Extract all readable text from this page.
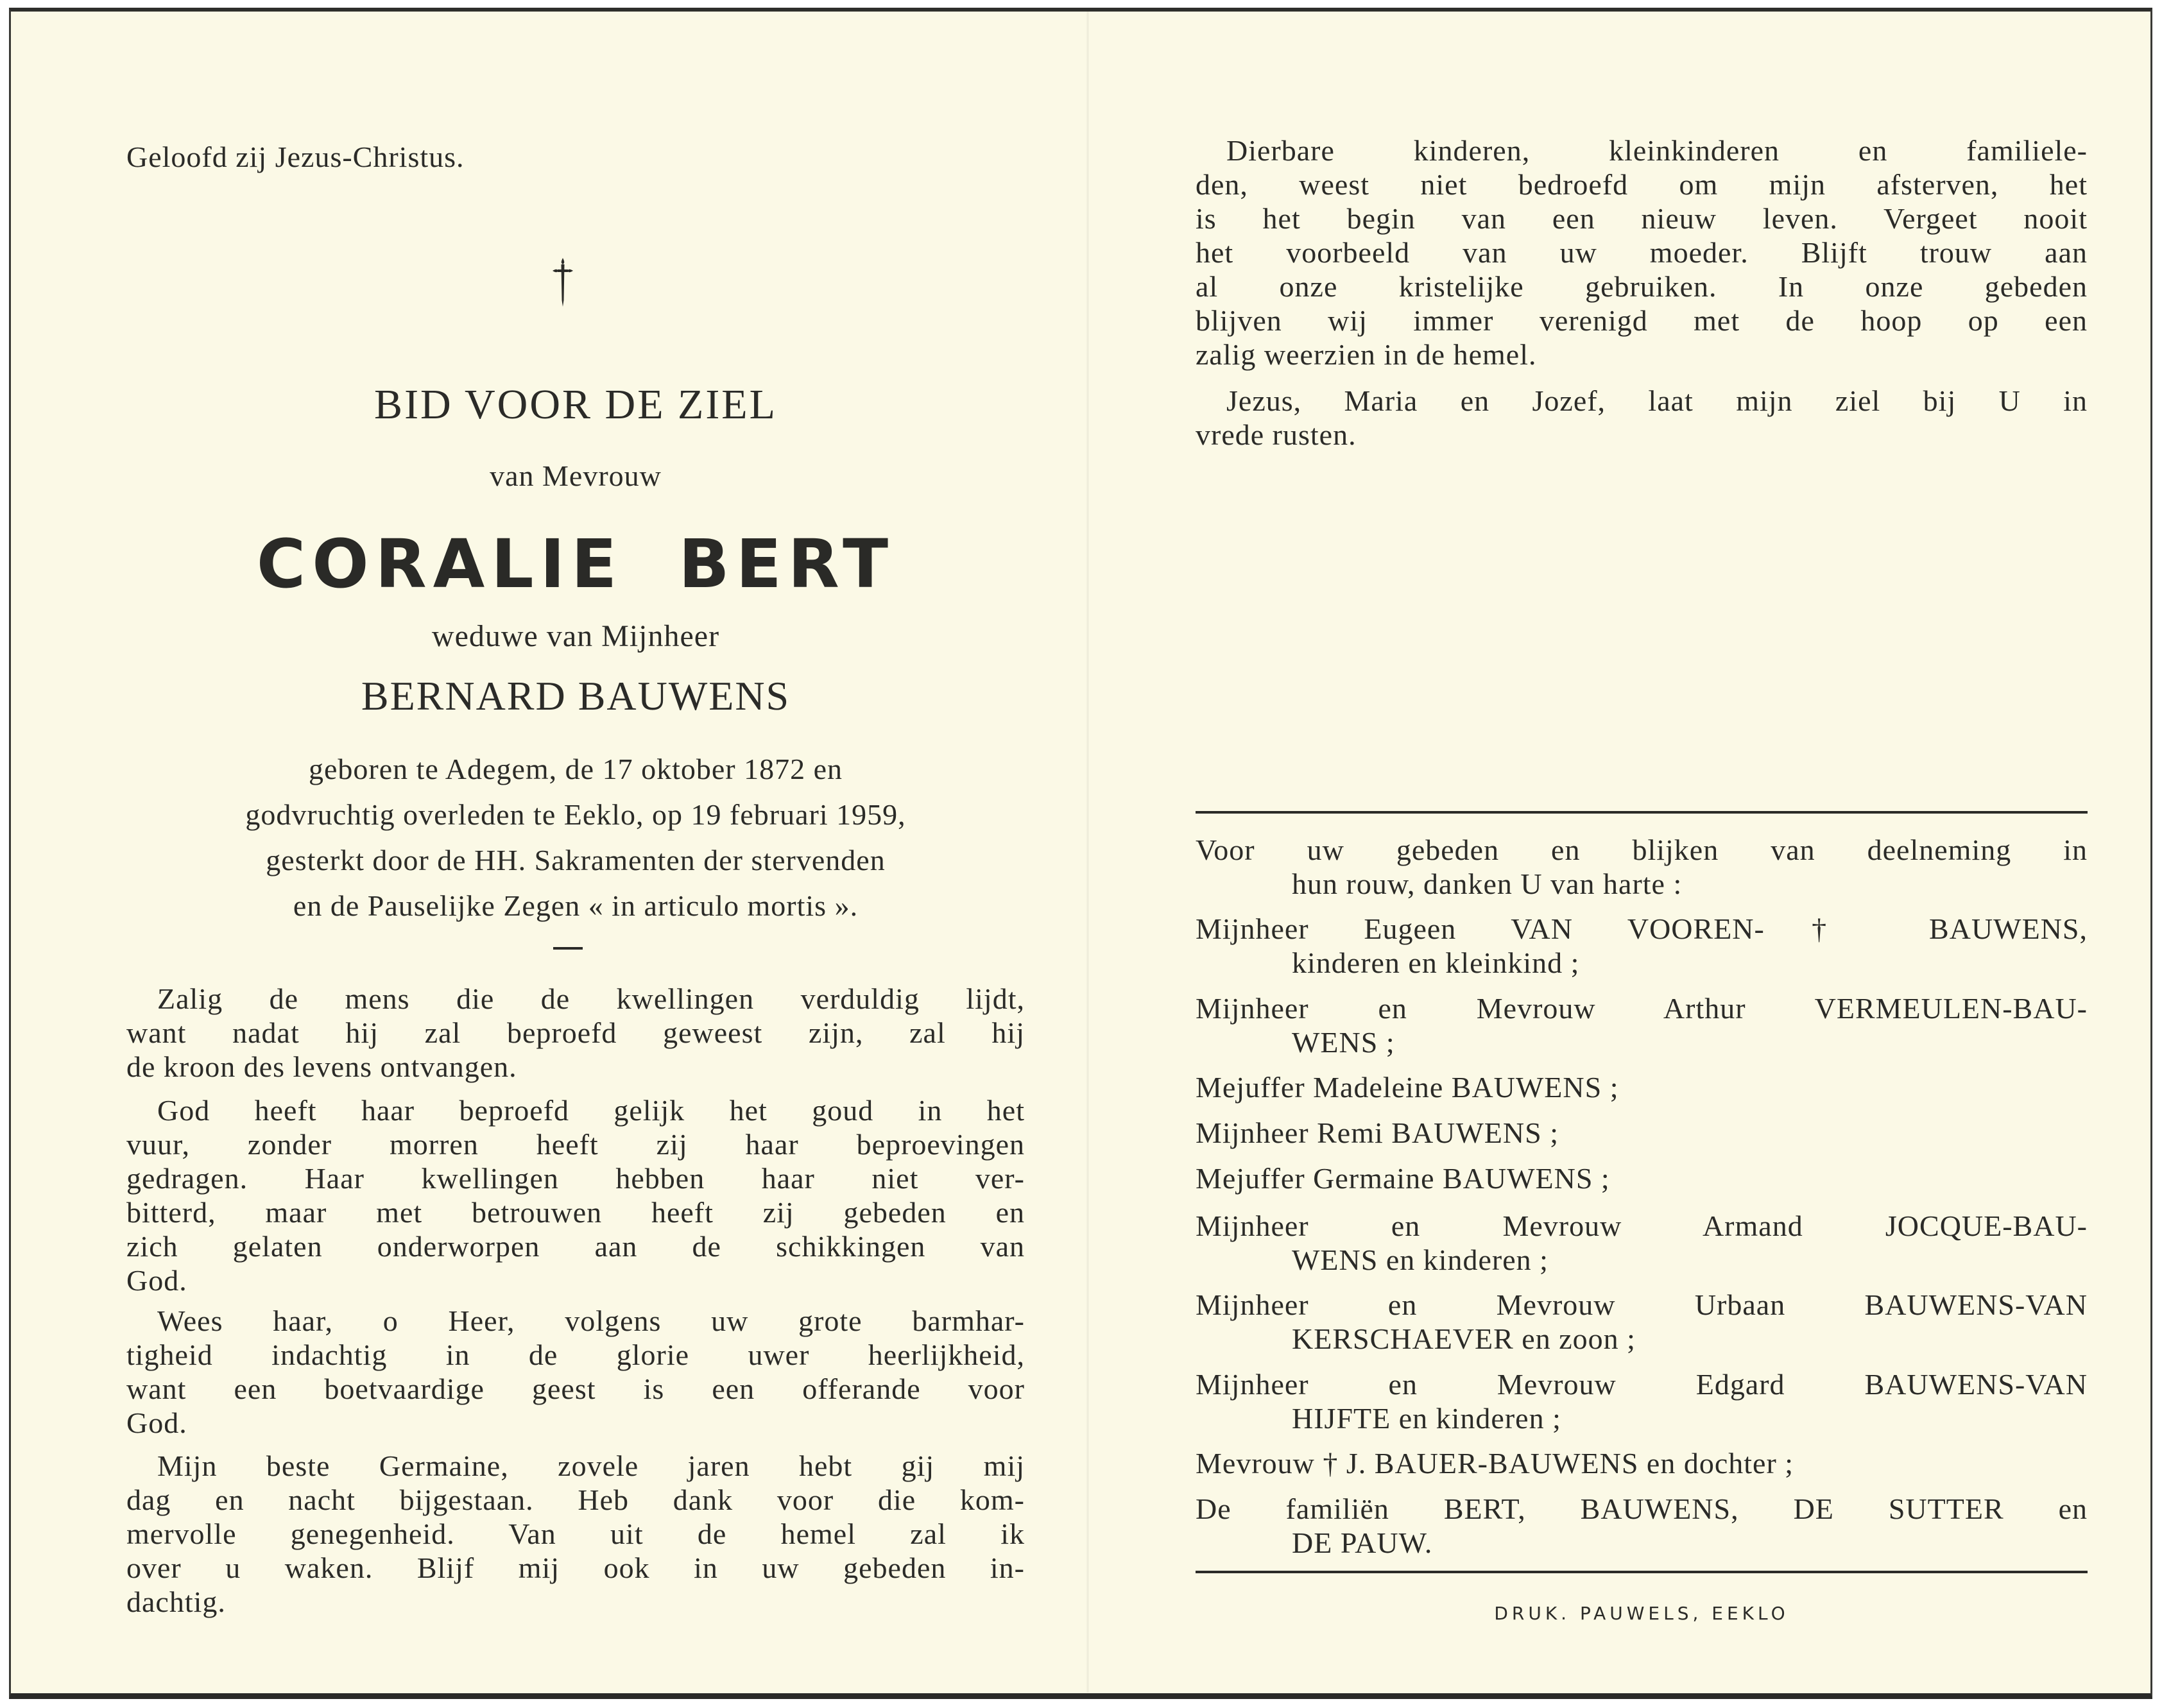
Geloofd zij Jezus-Christus.
BID VOOR DE ZIEL
van Mevrouw
CORALIE BERT
weduwe van Mijnheer
BERNARD BAUWENS
geboren te Adegem, de 17 oktober 1872 en
godvruchtig overleden te Eeklo, op 19 februari 1959,
gesterkt door de HH. Sakramenten der stervenden
en de Pauselijke Zegen « in articulo mortis ».
Zalig de mens die de kwellingen verduldig lijdt,
want nadat hij zal beproefd geweest zijn, zal hij
de kroon des levens ontvangen.
God heeft haar beproefd gelijk het goud in het
vuur, zonder morren heeft zij haar beproevingen
gedragen. Haar kwellingen hebben haar niet ver-
bitterd, maar met betrouwen heeft zij gebeden en
zich gelaten onderworpen aan de schikkingen van
God.
Wees haar, o Heer, volgens uw grote barmhar-
tigheid indachtig in de glorie uwer heerlijkheid,
want een boetvaardige geest is een offerande voor
God.
Mijn beste Germaine, zovele jaren hebt gij mij
dag en nacht bijgestaan. Heb dank voor die kom-
mervolle genegenheid. Van uit de hemel zal ik
over u waken. Blijf mij ook in uw gebeden in-
dachtig.
Dierbare kinderen, kleinkinderen en familiele-
den, weest niet bedroefd om mijn afsterven, het
is het begin van een nieuw leven. Vergeet nooit
het voorbeeld van uw moeder. Blijft trouw aan
al onze kristelijke gebruiken. In onze gebeden
blijven wij immer verenigd met de hoop op een
zalig weerzien in de hemel.
Jezus, Maria en Jozef, laat mijn ziel bij U in
vrede rusten.
Voor uw gebeden en blijken van deelneming in
hun rouw, danken U van harte :
Mijnheer Eugeen VAN VOOREN-† BAUWENS,
kinderen en kleinkind ;
Mijnheer en Mevrouw Arthur VERMEULEN-BAU-
WENS ;
Mejuffer Madeleine BAUWENS ;
Mijnheer Remi BAUWENS ;
Mejuffer Germaine BAUWENS ;
Mijnheer en Mevrouw Armand JOCQUE-BAU-
WENS en kinderen ;
Mijnheer en Mevrouw Urbaan BAUWENS-VAN
KERSCHAEVER en zoon ;
Mijnheer en Mevrouw Edgard BAUWENS-VAN
HIJFTE en kinderen ;
Mevrouw † J. BAUER-BAUWENS en dochter ;
De familiën BERT, BAUWENS, DE SUTTER en
DE PAUW.
DRUK. PAUWELS, EEKLO
